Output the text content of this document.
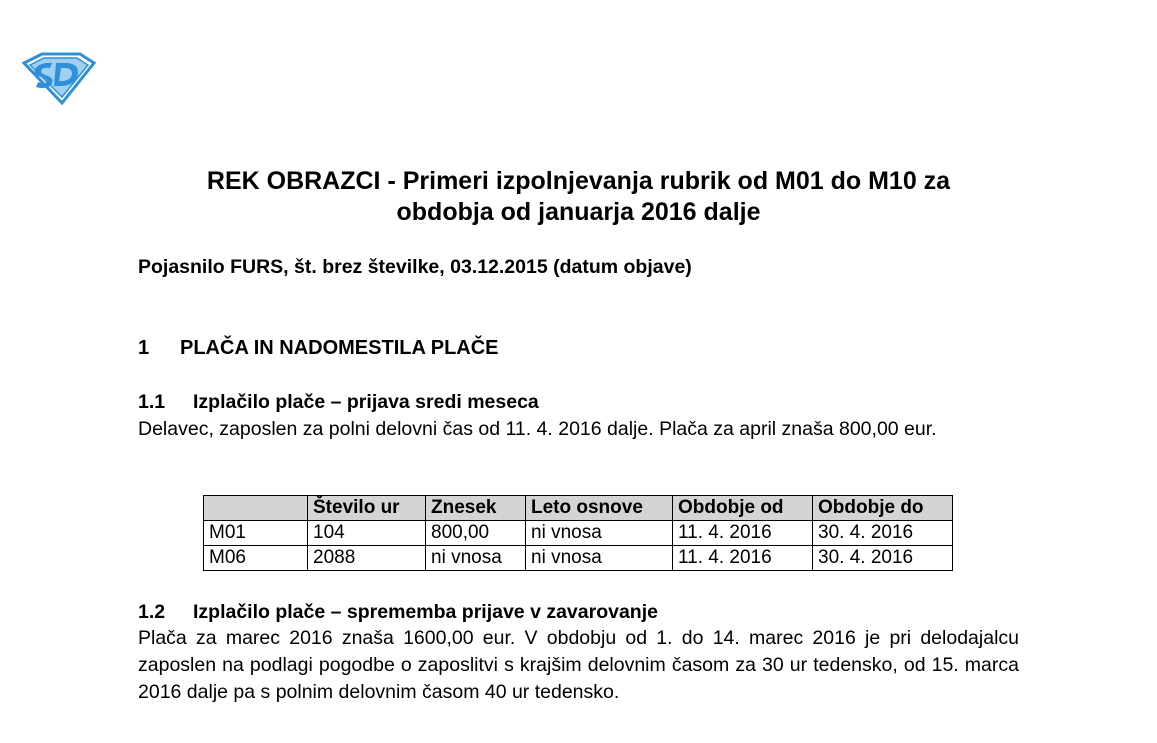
REK OBRAZCI - Primeri izpolnjevanja rubrik od M01 do M10 za
obdobja od januarja 2016 dalje
Pojasnilo FURS, št. brez številke, 03.12.2015 (datum objave)
1 PLAČA IN NADOMESTILA PLAČE
1.1 Izplačilo plače – prijava sredi meseca
Delavec, zaposlen za polni delovni čas od 11. 4. 2016 dalje. Plača za april znaša 800,00 eur.
	Število ur	Znesek	Leto osnove	Obdobje od	Obdobje do
M01	104	800,00	ni vnosa	11. 4. 2016	30. 4. 2016
M06	2088	ni vnosa	ni vnosa	11. 4. 2016	30. 4. 2016
1.2 Izplačilo plače – sprememba prijave v zavarovanje
Plača za marec 2016 znaša 1600,00 eur. V obdobju od 1. do 14. marec 2016 je pri delodajalcu zaposlen na podlagi pogodbe o zaposlitvi s krajšim delovnim časom za 30 ur tedensko, od 15. marca 2016 dalje pa s polnim delovnim časom 40 ur tedensko.
